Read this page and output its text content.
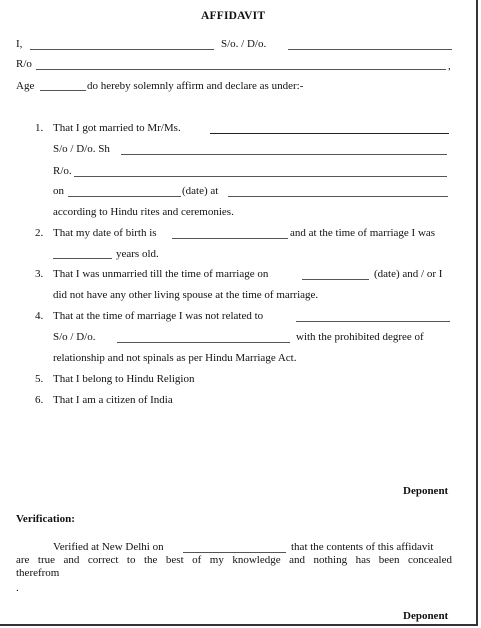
AFFIDAVIT
I,	S/o. / D/o.
R/o	,
Age	do hereby solemnly affirm and declare as under:-
1. That I got married to Mr/Ms.
S/o / D/o. Sh
R/o.
on	(date) at
according to Hindu rites and ceremonies.
2. That my date of birth is	and at the time of marriage I was
years old.
3. That I was unmarried till the time of marriage on	(date) and / or I
did not have any other living spouse at the time of marriage.
4. That at the time of marriage I was not related to
S/o / D/o.	with the prohibited degree of
relationship and not spinals as per Hindu Marriage Act.
5. That I belong to Hindu Religion
6. That I am a citizen of India
Deponent
Verification:
Verified at New Delhi on	that the contents of this affidavit
are true and correct to the best of my knowledge and nothing has been concealed
therefrom
.
Deponent
